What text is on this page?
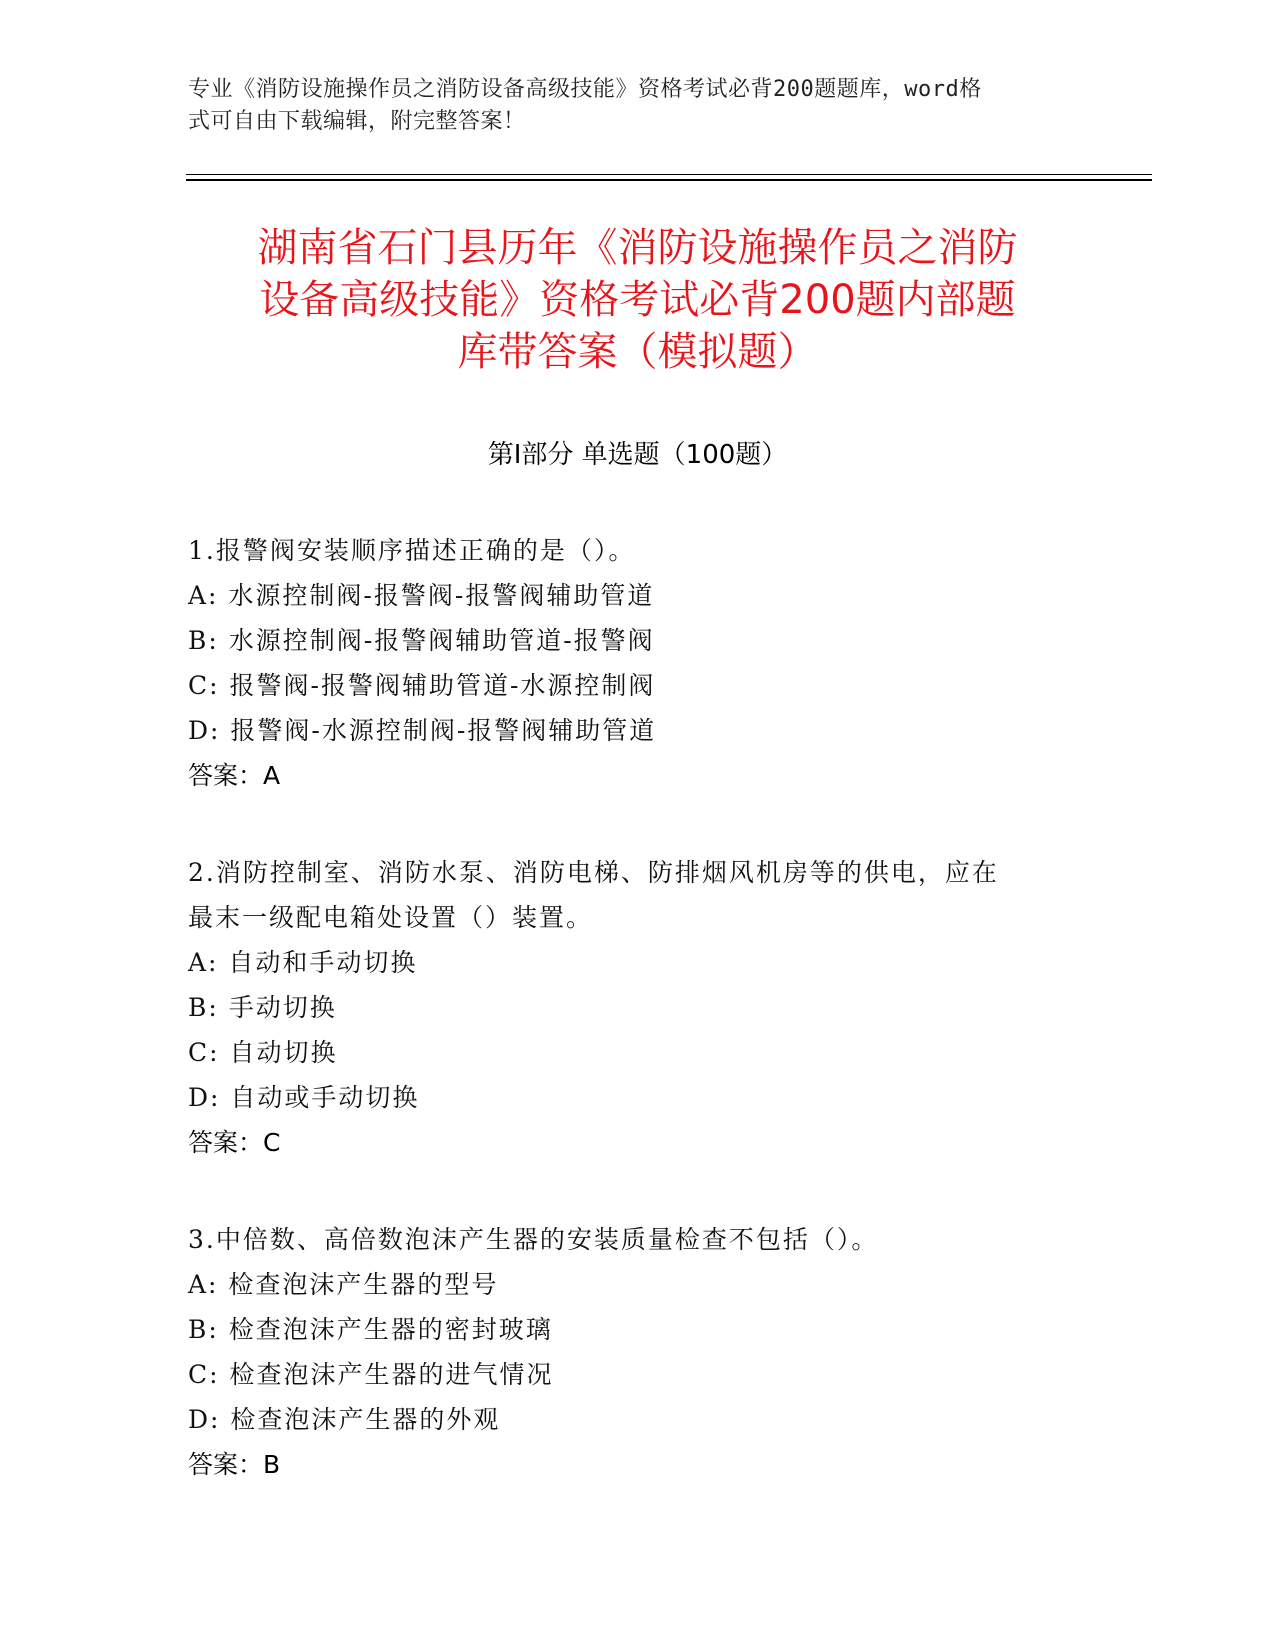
专业《消防设施操作员之消防设备高级技能》资格考试必背200题题库，word格
式可自由下载编辑，附完整答案！
湖南省石门县历年《消防设施操作员之消防
设备高级技能》资格考试必背200题内部题
库带答案（模拟题）
第Ⅰ部分 单选题（100题）
1.报警阀安装顺序描述正确的是（）。
A: 水源控制阀-报警阀-报警阀辅助管道
B: 水源控制阀-报警阀辅助管道-报警阀
C: 报警阀-报警阀辅助管道-水源控制阀
D: 报警阀-水源控制阀-报警阀辅助管道
答案：A
2.消防控制室、消防水泵、消防电梯、防排烟风机房等的供电，应在
最末一级配电箱处设置（）装置。
A: 自动和手动切换
B: 手动切换
C: 自动切换
D: 自动或手动切换
答案：C
3.中倍数、高倍数泡沫产生器的安装质量检查不包括（）。
A: 检查泡沫产生器的型号
B: 检查泡沫产生器的密封玻璃
C: 检查泡沫产生器的进气情况
D: 检查泡沫产生器的外观
答案：B
